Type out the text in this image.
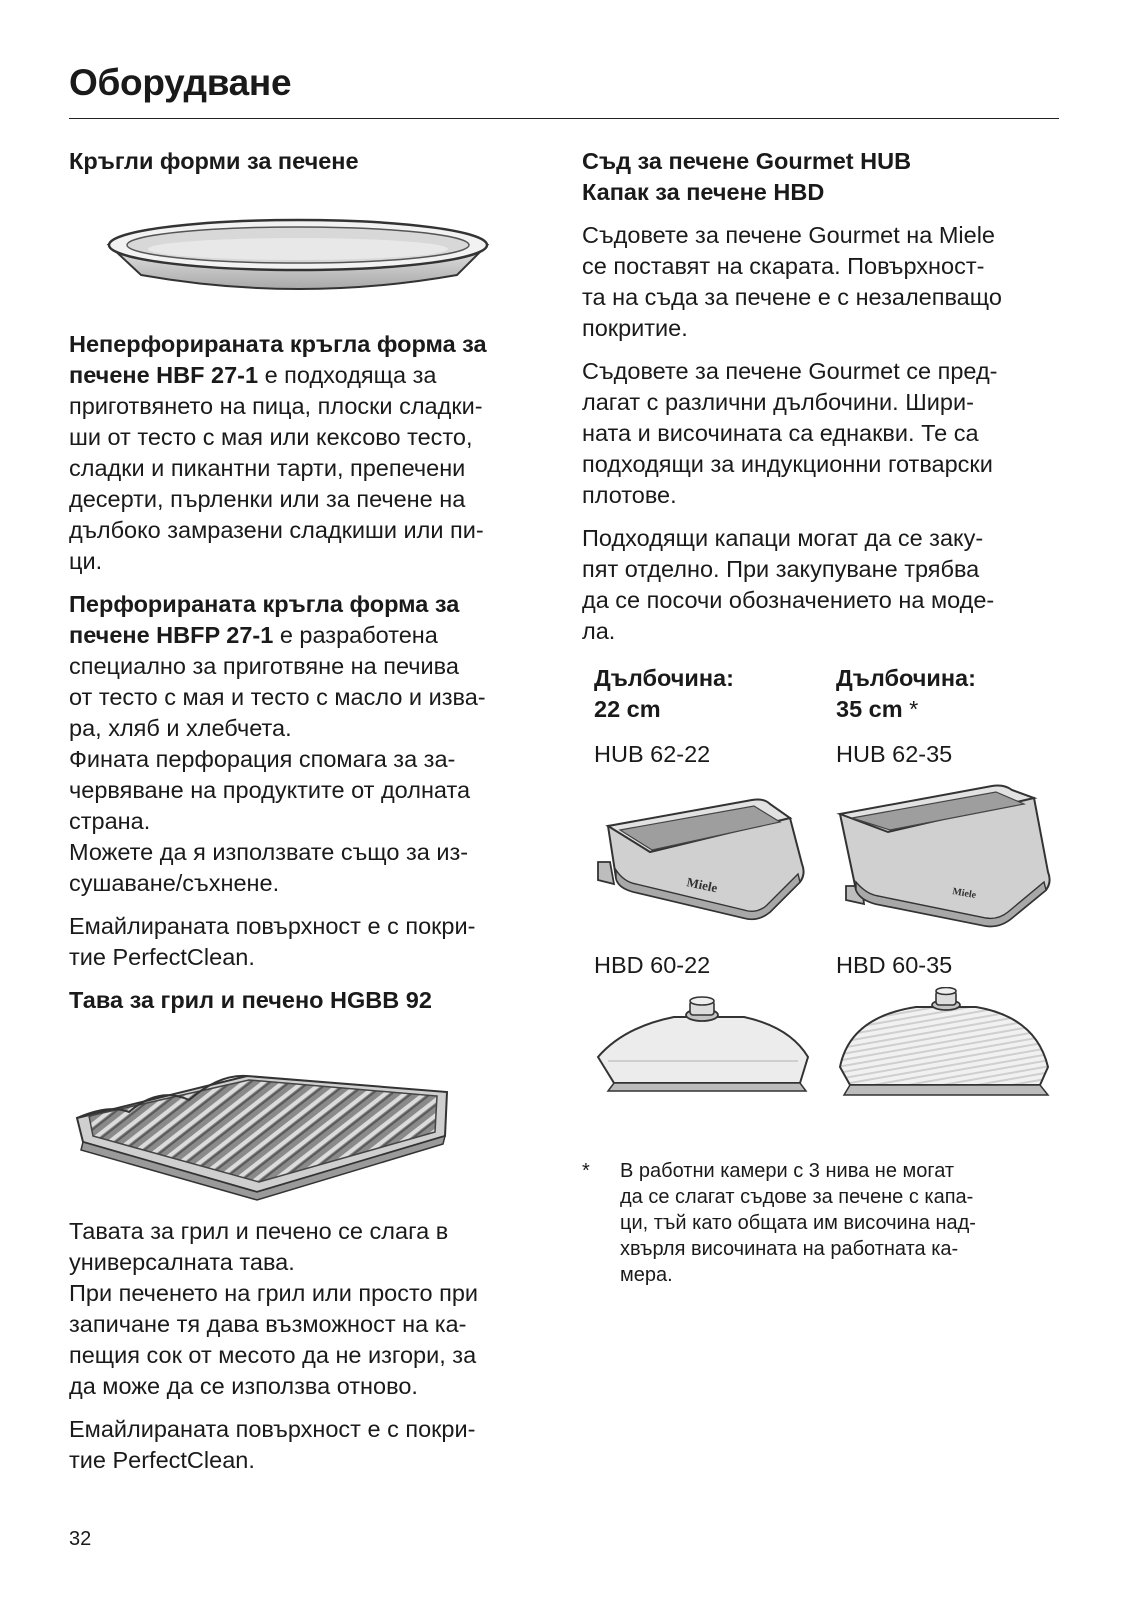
Оборудване
Кръгли форми за печене

Неперфорираната кръгла форма за печене HBF 27-1 е подходяща за
приготвянето на пица, плоски сладки-
ши от тесто с мая или кексово тесто,
сладки и пикантни тарти, препечени
десерти, пърленки или за печене на
дълбоко замразени сладкиши или пи-
ци.

Перфорираната кръгла форма за
печене HBFP 27-1 е разработена
специално за приготвяне на печива
от тесто с мая и тесто с масло и изва-
ра, хляб и хлебчета.
Фината перфорация спомага за за-
червяване на продуктите от долната
страна.
Можете да я използвате също за из-
сушаване/съхнене.

Емайлираната повърхност е с покри-
тие PerfectClean.

Тава за грил и печено HGBB 92

Тавата за грил и печено се слага в
универсалната тава.
При печенето на грил или просто при
запичане тя дава възможност на ка-
пещия сок от месото да не изгори, за
да може да се използва отново.

Емайлираната повърхност е с покри-
тие PerfectClean.

Съд за печене Gourmet HUB
Капак за печене HBD

Съдовете за печене Gourmet на Miele
се поставят на скарата. Повърхност-
та на съда за печене е с незалепващо
покритие.

Съдовете за печене Gourmet се пред-
лагат с различни дълбочини. Шири-
ната и височината са еднакви. Те са
подходящи за индукционни готварски
плотове.

Подходящи капаци могат да се заку-
пят отделно. При закупуване трябва
да се посочи обозначението на моде-
ла.

Дълбочина:
22 cm
HUB 62-22
Miele
HBD 60-22
Дълбочина:
35 cm *
HUB 62-35
Miele
HBD 60-35
* В работни камери с 3 нива не могат
да се слагат съдове за печене с капа-
ци, тъй като общата им височина над-
хвърля височината на работната ка-
мера.
32
